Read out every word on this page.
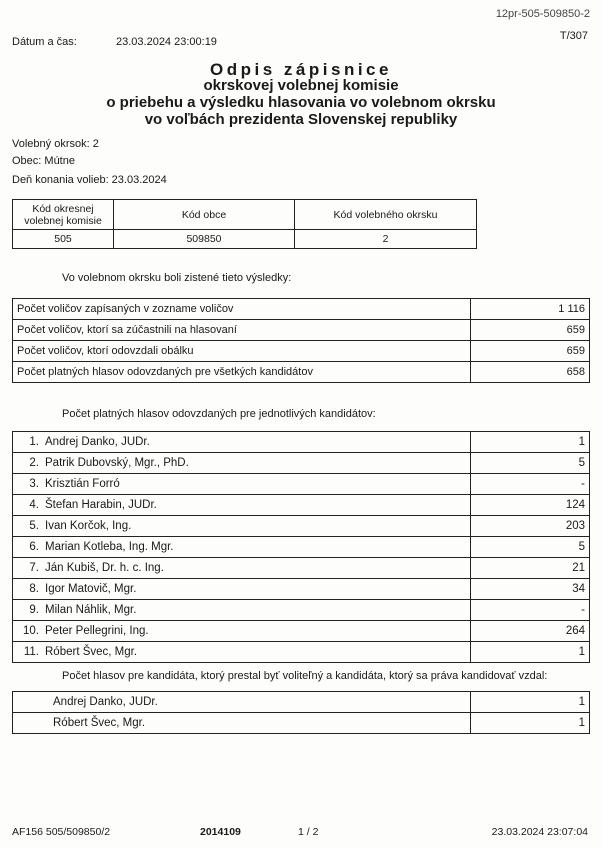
12pr-505-509850-2
T/307
Dátum a čas:	23.03.2024 23:00:19
Odpis zápisnice
okrskovej volebnej komisie
o priebehu a výsledku hlasovania vo volebnom okrsku
vo voľbách prezidenta Slovenskej republiky
Volebný okrsok: 2
Obec: Mútne
Deň konania volieb: 23.03.2024
Kód okresnej volebnej komisie	Kód obce	Kód volebného okrsku
505	509850	2
Vo volebnom okrsku boli zistené tieto výsledky:
Počet voličov zapísaných v zozname voličov	1 116
Počet voličov, ktorí sa zúčastnili na hlasovaní	659
Počet voličov, ktorí odovzdali obálku	659
Počet platných hlasov odovzdaných pre všetkých kandidátov	658
Počet platných hlasov odovzdaných pre jednotlivých kandidátov:
1. Andrej Danko, JUDr.	1
2. Patrik Dubovský, Mgr., PhD.	5
3. Krisztián Forró	-
4. Štefan Harabin, JUDr.	124
5. Ivan Korčok, Ing.	203
6. Marian Kotleba, Ing. Mgr.	5
7. Ján Kubiš, Dr. h. c. Ing.	21
8. Igor Matovič, Mgr.	34
9. Milan Náhlik, Mgr.	-
10. Peter Pellegrini, Ing.	264
11. Róbert Švec, Mgr.	1
Počet hlasov pre kandidáta, ktorý prestal byť voliteľný a kandidáta, ktorý sa práva kandidovať vzdal:
Andrej Danko, JUDr.	1
Róbert Švec, Mgr.	1
AF156 505/509850/2	2014109	1 / 2	23.03.2024 23:07:04
